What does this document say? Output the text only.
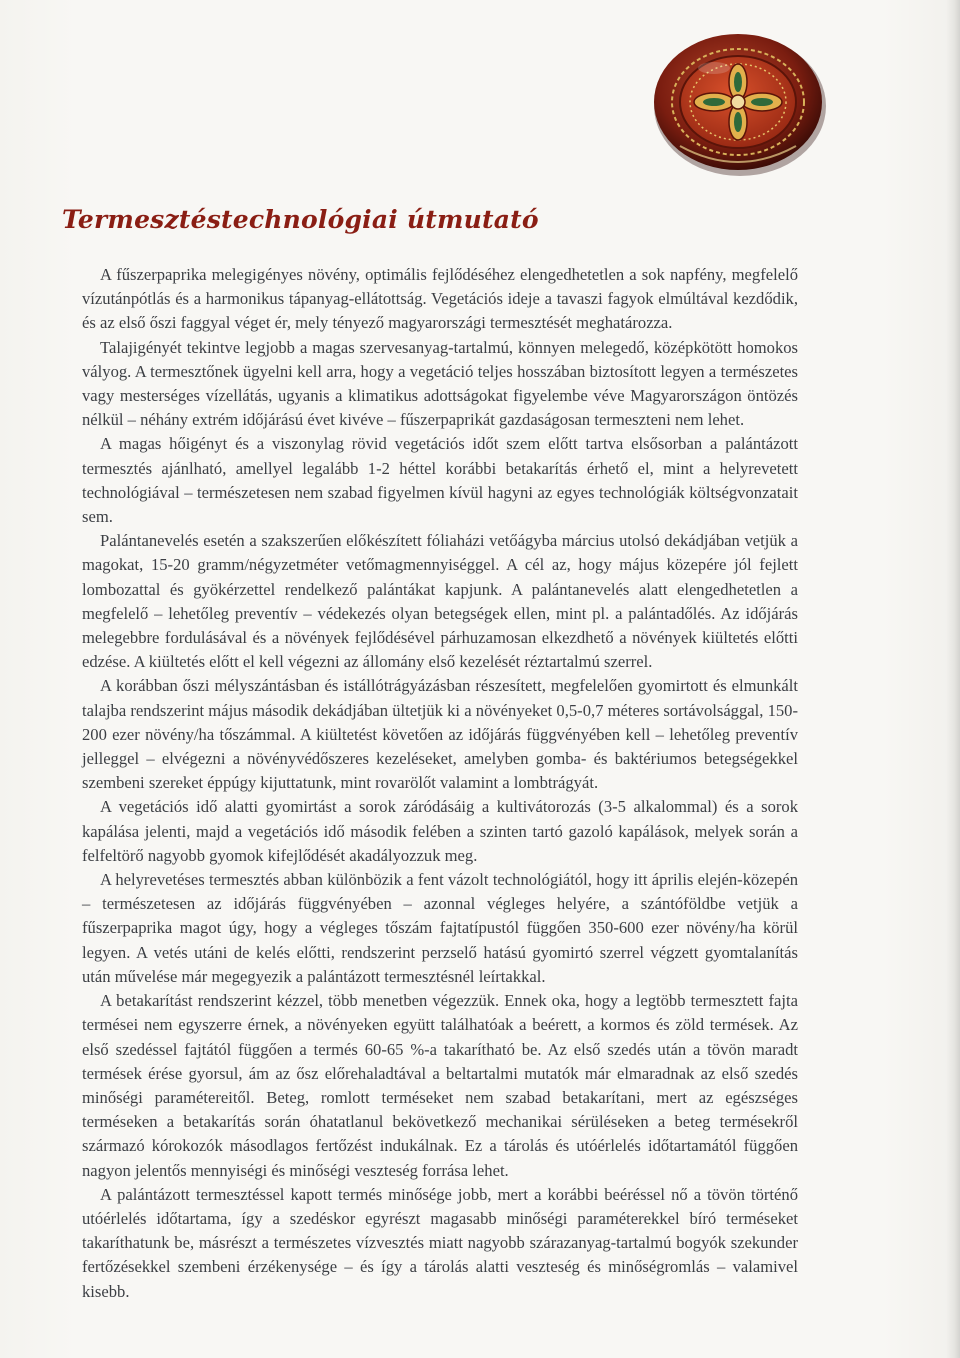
Termesztéstechnológiai útmutató

A fűszerpaprika melegigényes növény, optimális fejlődéséhez elengedhetetlen a sok napfény, megfelelő vízutánpótlás és a harmonikus tápanyag-ellátottság. Vegetációs ideje a tavaszi fagyok elmúltával kezdődik, és az első őszi faggyal véget ér, mely tényező magyarországi termesztését meghatározza.

Talajigényét tekintve legjobb a magas szervesanyag-tartalmú, könnyen melegedő, középkötött homokos vályog. A termesztőnek ügyelni kell arra, hogy a vegetáció teljes hosszában biztosított legyen a természetes vagy mesterséges vízellátás, ugyanis a klimatikus adottságokat figyelembe véve Magyarországon öntözés nélkül – néhány extrém időjárású évet kivéve – fűszerpaprikát gazdaságosan termeszteni nem lehet.

A magas hőigényt és a viszonylag rövid vegetációs időt szem előtt tartva elsősorban a palántázott termesztés ajánlható, amellyel legalább 1-2 héttel korábbi betakarítás érhető el, mint a helyrevetett technológiával – természetesen nem szabad figyelmen kívül hagyni az egyes technológiák költségvonzatait sem.

Palántanevelés esetén a szakszerűen előkészített fóliaházi vetőágyba március utolsó dekádjában vetjük a magokat, 15-20 gramm/négyzetméter vetőmagmennyiséggel. A cél az, hogy május közepére jól fejlett lombozattal és gyökérzettel rendelkező palántákat kapjunk. A palántanevelés alatt elengedhetetlen a megfelelő – lehetőleg preventív – védekezés olyan betegségek ellen, mint pl. a palántadőlés. Az időjárás melegebbre fordulásával és a növények fejlődésével párhuzamosan elkezdhető a növények kiültetés előtti edzése. A kiültetés előtt el kell végezni az állomány első kezelését réztartalmú szerrel.

A korábban őszi mélyszántásban és istállótrágyázásban részesített, megfelelően gyomirtott és elmunkált talajba rendszerint május második dekádjában ültetjük ki a növényeket 0,5-0,7 méteres sortávolsággal, 150-200 ezer növény/ha tőszámmal. A kiültetést követően az időjárás függvényében kell – lehetőleg preventív jelleggel – elvégezni a növényvédőszeres kezeléseket, amelyben gomba- és baktériumos betegségekkel szembeni szereket éppúgy kijuttatunk, mint rovarölőt valamint a lombtrágyát.

A vegetációs idő alatti gyomirtást a sorok záródásáig a kultivátorozás (3-5 alkalommal) és a sorok kapálása jelenti, majd a vegetációs idő második felében a szinten tartó gazoló kapálások, melyek során a felfeltörő nagyobb gyomok kifejlődését akadályozzuk meg.

A helyrevetéses termesztés abban különbözik a fent vázolt technológiától, hogy itt április elején-közepén – természetesen az időjárás függvényében – azonnal végleges helyére, a szántóföldbe vetjük a fűszerpaprika magot úgy, hogy a végleges tőszám fajtatípustól függően 350-600 ezer növény/ha körül legyen. A vetés utáni de kelés előtti, rendszerint perzselő hatású gyomirtó szerrel végzett gyomtalanítás után művelése már megegyezik a palántázott termesztésnél leírtakkal.

A betakarítást rendszerint kézzel, több menetben végezzük. Ennek oka, hogy a legtöbb termesztett fajta termései nem egyszerre érnek, a növényeken együtt találhatóak a beérett, a kormos és zöld termések. Az első szedéssel fajtától függően a termés 60-65 %-a takarítható be. Az első szedés után a tövön maradt termések érése gyorsul, ám az ősz előrehaladtával a beltartalmi mutatók már elmaradnak az első szedés minőségi paramétereitől. Beteg, romlott terméseket nem szabad betakarítani, mert az egészséges terméseken a betakarítás során óhatatlanul bekövetkező mechanikai sérüléseken a beteg termésekről származó kórokozók másodlagos fertőzést indukálnak. Ez a tárolás és utóérlelés időtartamától függően nagyon jelentős mennyiségi és minőségi veszteség forrása lehet.

A palántázott termesztéssel kapott termés minősége jobb, mert a korábbi beéréssel nő a tövön történő utóérlelés időtartama, így a szedéskor egyrészt magasabb minőségi paraméterekkel bíró terméseket takaríthatunk be, másrészt a természetes vízvesztés miatt nagyobb szárazanyag-tartalmú bogyók szekunder fertőzésekkel szembeni érzékenysége – és így a tárolás alatti veszteség és minőségromlás – valamivel kisebb.
